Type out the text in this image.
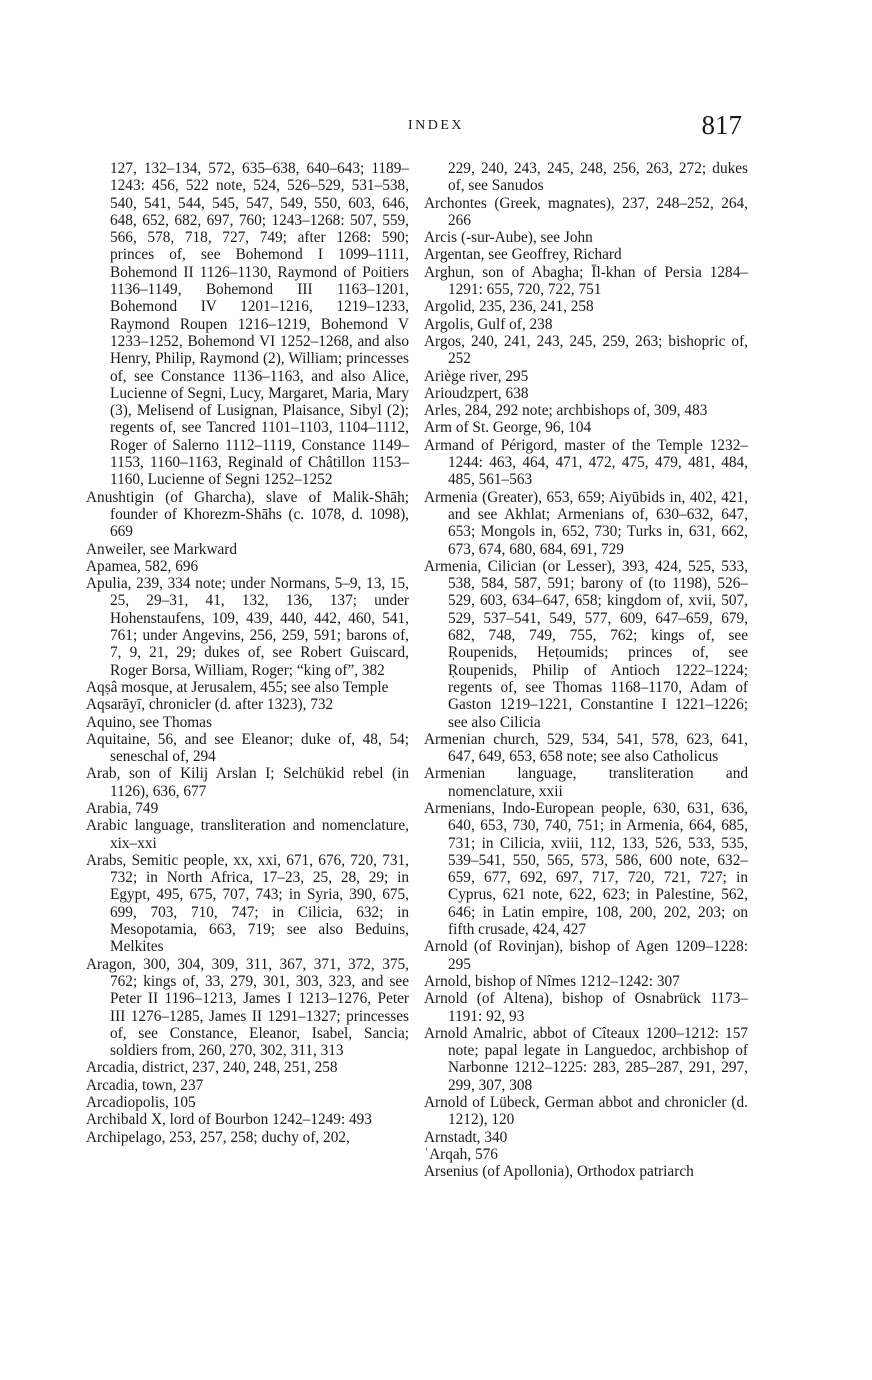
INDEX	817

127, 132–134, 572, 635–638, 640–643; 1189–1243: 456, 522 note, 524, 526–529, 531–538, 540, 541, 544, 545, 547, 549, 550, 603, 646, 648, 652, 682, 697, 760; 1243–1268: 507, 559, 566, 578, 718, 727, 749; after 1268: 590; princes of, see Bohemond I 1099–1111, Bohemond II 1126–1130, Raymond of Poitiers 1136–1149, Bohemond III 1163–1201, Bohemond IV 1201–1216, 1219–1233, Raymond Roupen 1216–1219, Bohemond V 1233–1252, Bohemond VI 1252–1268, and also Henry, Philip, Raymond (2), William; princesses of, see Constance 1136–1163, and also Alice, Lucienne of Segni, Lucy, Margaret, Maria, Mary (3), Melisend of Lusignan, Plaisance, Sibyl (2); regents of, see Tancred 1101–1103, 1104–1112, Roger of Salerno 1112–1119, Constance 1149–1153, 1160–1163, Reginald of Châtillon 1153–1160, Lucienne of Segni 1252–1252

Anushtigin (of Gharcha), slave of Malik-Shāh; founder of Khorezm-Shāhs (c. 1078, d. 1098), 669

Anweiler, see Markward

Apamea, 582, 696

Apulia, 239, 334 note; under Normans, 5–9, 13, 15, 25, 29–31, 41, 132, 136, 137; under Hohenstaufens, 109, 439, 440, 442, 460, 541, 761; under Angevins, 256, 259, 591; barons of, 7, 9, 21, 29; dukes of, see Robert Guiscard, Roger Borsa, William, Roger; “king of”, 382

Aqṣâ mosque, at Jerusalem, 455; see also Temple

Aqsarāyī, chronicler (d. after 1323), 732

Aquino, see Thomas

Aquitaine, 56, and see Eleanor; duke of, 48, 54; seneschal of, 294

Arab, son of Kilij Arslan I; Selchükid rebel (in 1126), 636, 677

Arabia, 749

Arabic language, transliteration and nomenclature, xix–xxi

Arabs, Semitic people, xx, xxi, 671, 676, 720, 731, 732; in North Africa, 17–23, 25, 28, 29; in Egypt, 495, 675, 707, 743; in Syria, 390, 675, 699, 703, 710, 747; in Cilicia, 632; in Mesopotamia, 663, 719; see also Beduins, Melkites

Aragon, 300, 304, 309, 311, 367, 371, 372, 375, 762; kings of, 33, 279, 301, 303, 323, and see Peter II 1196–1213, James I 1213–1276, Peter III 1276–1285, James II 1291–1327; princesses of, see Constance, Eleanor, Isabel, Sancia; soldiers from, 260, 270, 302, 311, 313

Arcadia, district, 237, 240, 248, 251, 258

Arcadia, town, 237

Arcadiopolis, 105

Archibald X, lord of Bourbon 1242–1249: 493

Archipelago, 253, 257, 258; duchy of, 202,

229, 240, 243, 245, 248, 256, 263, 272; dukes of, see Sanudos

Archontes (Greek, magnates), 237, 248–252, 264, 266

Arcis (-sur-Aube), see John

Argentan, see Geoffrey, Richard

Arghun, son of Abagha; Īl-khan of Persia 1284–1291: 655, 720, 722, 751

Argolid, 235, 236, 241, 258

Argolis, Gulf of, 238

Argos, 240, 241, 243, 245, 259, 263; bishopric of, 252

Ariège river, 295

Arioudzpert, 638

Arles, 284, 292 note; archbishops of, 309, 483

Arm of St. George, 96, 104

Armand of Périgord, master of the Temple 1232–1244: 463, 464, 471, 472, 475, 479, 481, 484, 485, 561–563

Armenia (Greater), 653, 659; Aiyūbids in, 402, 421, and see Akhlat; Armenians of, 630–632, 647, 653; Mongols in, 652, 730; Turks in, 631, 662, 673, 674, 680, 684, 691, 729

Armenia, Cilician (or Lesser), 393, 424, 525, 533, 538, 584, 587, 591; barony of (to 1198), 526–529, 603, 634–647, 658; kingdom of, xvii, 507, 529, 537–541, 549, 577, 609, 647–659, 679, 682, 748, 749, 755, 762; kings of, see Ṛoupenids, Heṭoumids; princes of, see Ṛoupenids, Philip of Antioch 1222–1224; regents of, see Thomas 1168–1170, Adam of Gaston 1219–1221, Constantine I 1221–1226; see also Cilicia

Armenian church, 529, 534, 541, 578, 623, 641, 647, 649, 653, 658 note; see also Catholicus

Armenian language, transliteration and nomenclature, xxii

Armenians, Indo-European people, 630, 631, 636, 640, 653, 730, 740, 751; in Armenia, 664, 685, 731; in Cilicia, xviii, 112, 133, 526, 533, 535, 539–541, 550, 565, 573, 586, 600 note, 632–659, 677, 692, 697, 717, 720, 721, 727; in Cyprus, 621 note, 622, 623; in Palestine, 562, 646; in Latin empire, 108, 200, 202, 203; on fifth crusade, 424, 427

Arnold (of Rovinjan), bishop of Agen 1209–1228: 295

Arnold, bishop of Nîmes 1212–1242: 307

Arnold (of Altena), bishop of Osnabrück 1173–1191: 92, 93

Arnold Amalric, abbot of Cîteaux 1200–1212: 157 note; papal legate in Languedoc, archbishop of Narbonne 1212–1225: 283, 285–287, 291, 297, 299, 307, 308

Arnold of Lübeck, German abbot and chronicler (d. 1212), 120

Arnstadt, 340

ʿArqah, 576

Arsenius (of Apollonia), Orthodox patriarch
